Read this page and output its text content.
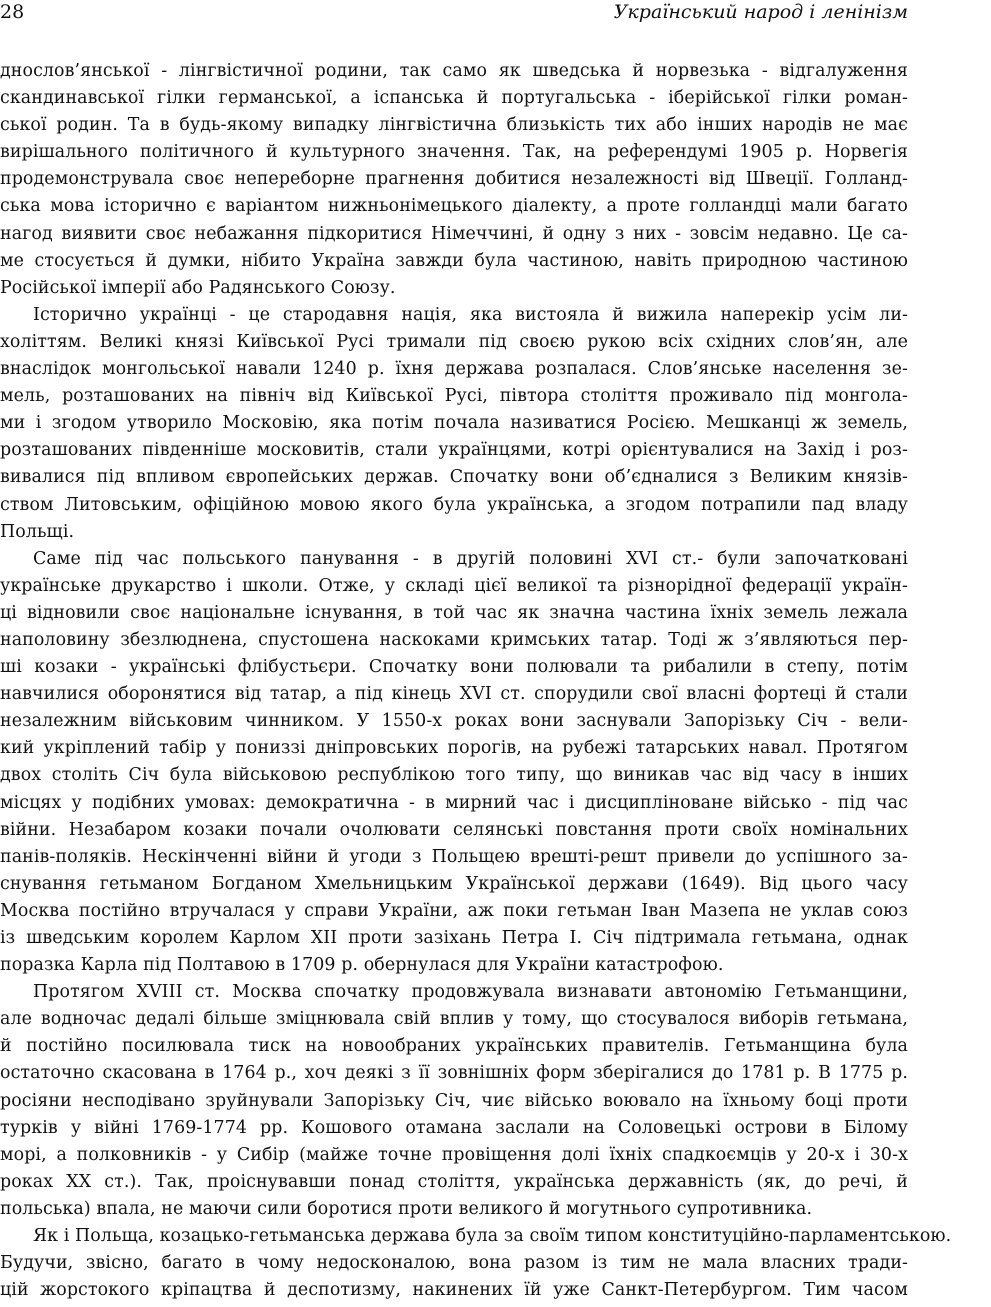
28	Український народ і ленінізм
днослов’янської - лінгвістичної родини, так само як шведська й норвезька - відгалуження
скандинавської гілки германської, а іспанська й португальська - іберійської гілки роман-
ської родин. Та в будь-якому випадку лінгвістична близькість тих або інших народів не має
вирішального політичного й культурного значення. Так, на референдумі 1905 р. Норвегія
продемонструвала своє непереборне прагнення добитися незалежності від Швеції. Голланд-
ська мова історично є варіантом нижньонімецького діалекту, а проте голландці мали багато
нагод виявити своє небажання підкоритися Німеччині, й одну з них - зовсім недавно. Це са-
ме стосується й думки, нібито Україна завжди була частиною, навіть природною частиною
Російської імперії або Радянського Союзу.
Історично українці - це стародавня нація, яка вистояла й вижила наперекір усім ли-
холіттям. Великі князі Київської Русі тримали під своєю рукою всіх східних слов’ян, але
внаслідок монгольської навали 1240 р. їхня держава розпалася. Слов’янське населення зе-
мель, розташованих на північ від Київської Русі, півтора століття проживало під монгола-
ми і згодом утворило Московію, яка потім почала називатися Росією. Мешканці ж земель,
розташованих південніше московитів, стали українцями, котрі орієнтувалися на Захід і роз-
вивалися під впливом європейських держав. Спочатку вони об’єдналися з Великим князів-
ством Литовським, офіційною мовою якого була українська, а згодом потрапили пад владу
Польщі.
Саме під час польського панування - в другій половині XVI ст.- були започатковані
українське друкарство і школи. Отже, у складі цієї великої та різнорідної федерації україн-
ці відновили своє національне існування, в той час як значна частина їхніх земель лежала
наполовину збезлюднена, спустошена наскоками кримських татар. Тоді ж з’являються пер-
ші козаки - українські флібустьєри. Спочатку вони полювали та рибалили в степу, потім
навчилися оборонятися від татар, а під кінець XVI ст. спорудили свої власні фортеці й стали
незалежним військовим чинником. У 1550-х роках вони заснували Запорізьку Січ - вели-
кий укріплений табір у пониззі дніпровських порогів, на рубежі татарських навал. Протягом
двох століть Січ була військовою республікою того типу, що виникав час від часу в інших
місцях у подібних умовах: демократична - в мирний час і дисципліноване військо - під час
війни. Незабаром козаки почали очолювати селянські повстання проти своїх номінальних
панів-поляків. Нескінченні війни й угоди з Польщею врешті-решт привели до успішного за-
снування гетьманом Богданом Хмельницьким Української держави (1649). Від цього часу
Москва постійно втручалася у справи України, аж поки гетьман Іван Мазепа не уклав союз
із шведським королем Карлом XII проти зазіхань Петра I. Січ підтримала гетьмана, однак
поразка Карла під Полтавою в 1709 р. обернулася для України катастрофою.
Протягом XVIII ст. Москва спочатку продовжувала визнавати автономію Гетьманщини,
але водночас дедалі більше зміцнювала свій вплив у тому, що стосувалося виборів гетьмана,
й постійно посилювала тиск на новообраних українських правителів. Гетьманщина була
остаточно скасована в 1764 р., хоч деякі з її зовнішніх форм зберігалися до 1781 р. В 1775 р.
росіяни несподівано зруйнували Запорізьку Січ, чиє військо воювало на їхньому боці проти
турків у війні 1769-1774 рр. Кошового отамана заслали на Соловецькі острови в Білому
морі, а полковників - у Сибір (майже точне провіщення долі їхніх спадкоємців у 20-х і 30-х
роках XX ст.). Так, проіснувавши понад століття, українська державність (як, до речі, й
польська) впала, не маючи сили боротися проти великого й могутнього супротивника.
Як і Польща, козацько-гетьманська держава була за своїм типом конституційно-парламентською.
Будучи, звісно, багато в чому недосконалою, вона разом із тим не мала власних тради-
цій жорстокого кріпацтва й деспотизму, накинених їй уже Санкт-Петербургом. Тим часом
